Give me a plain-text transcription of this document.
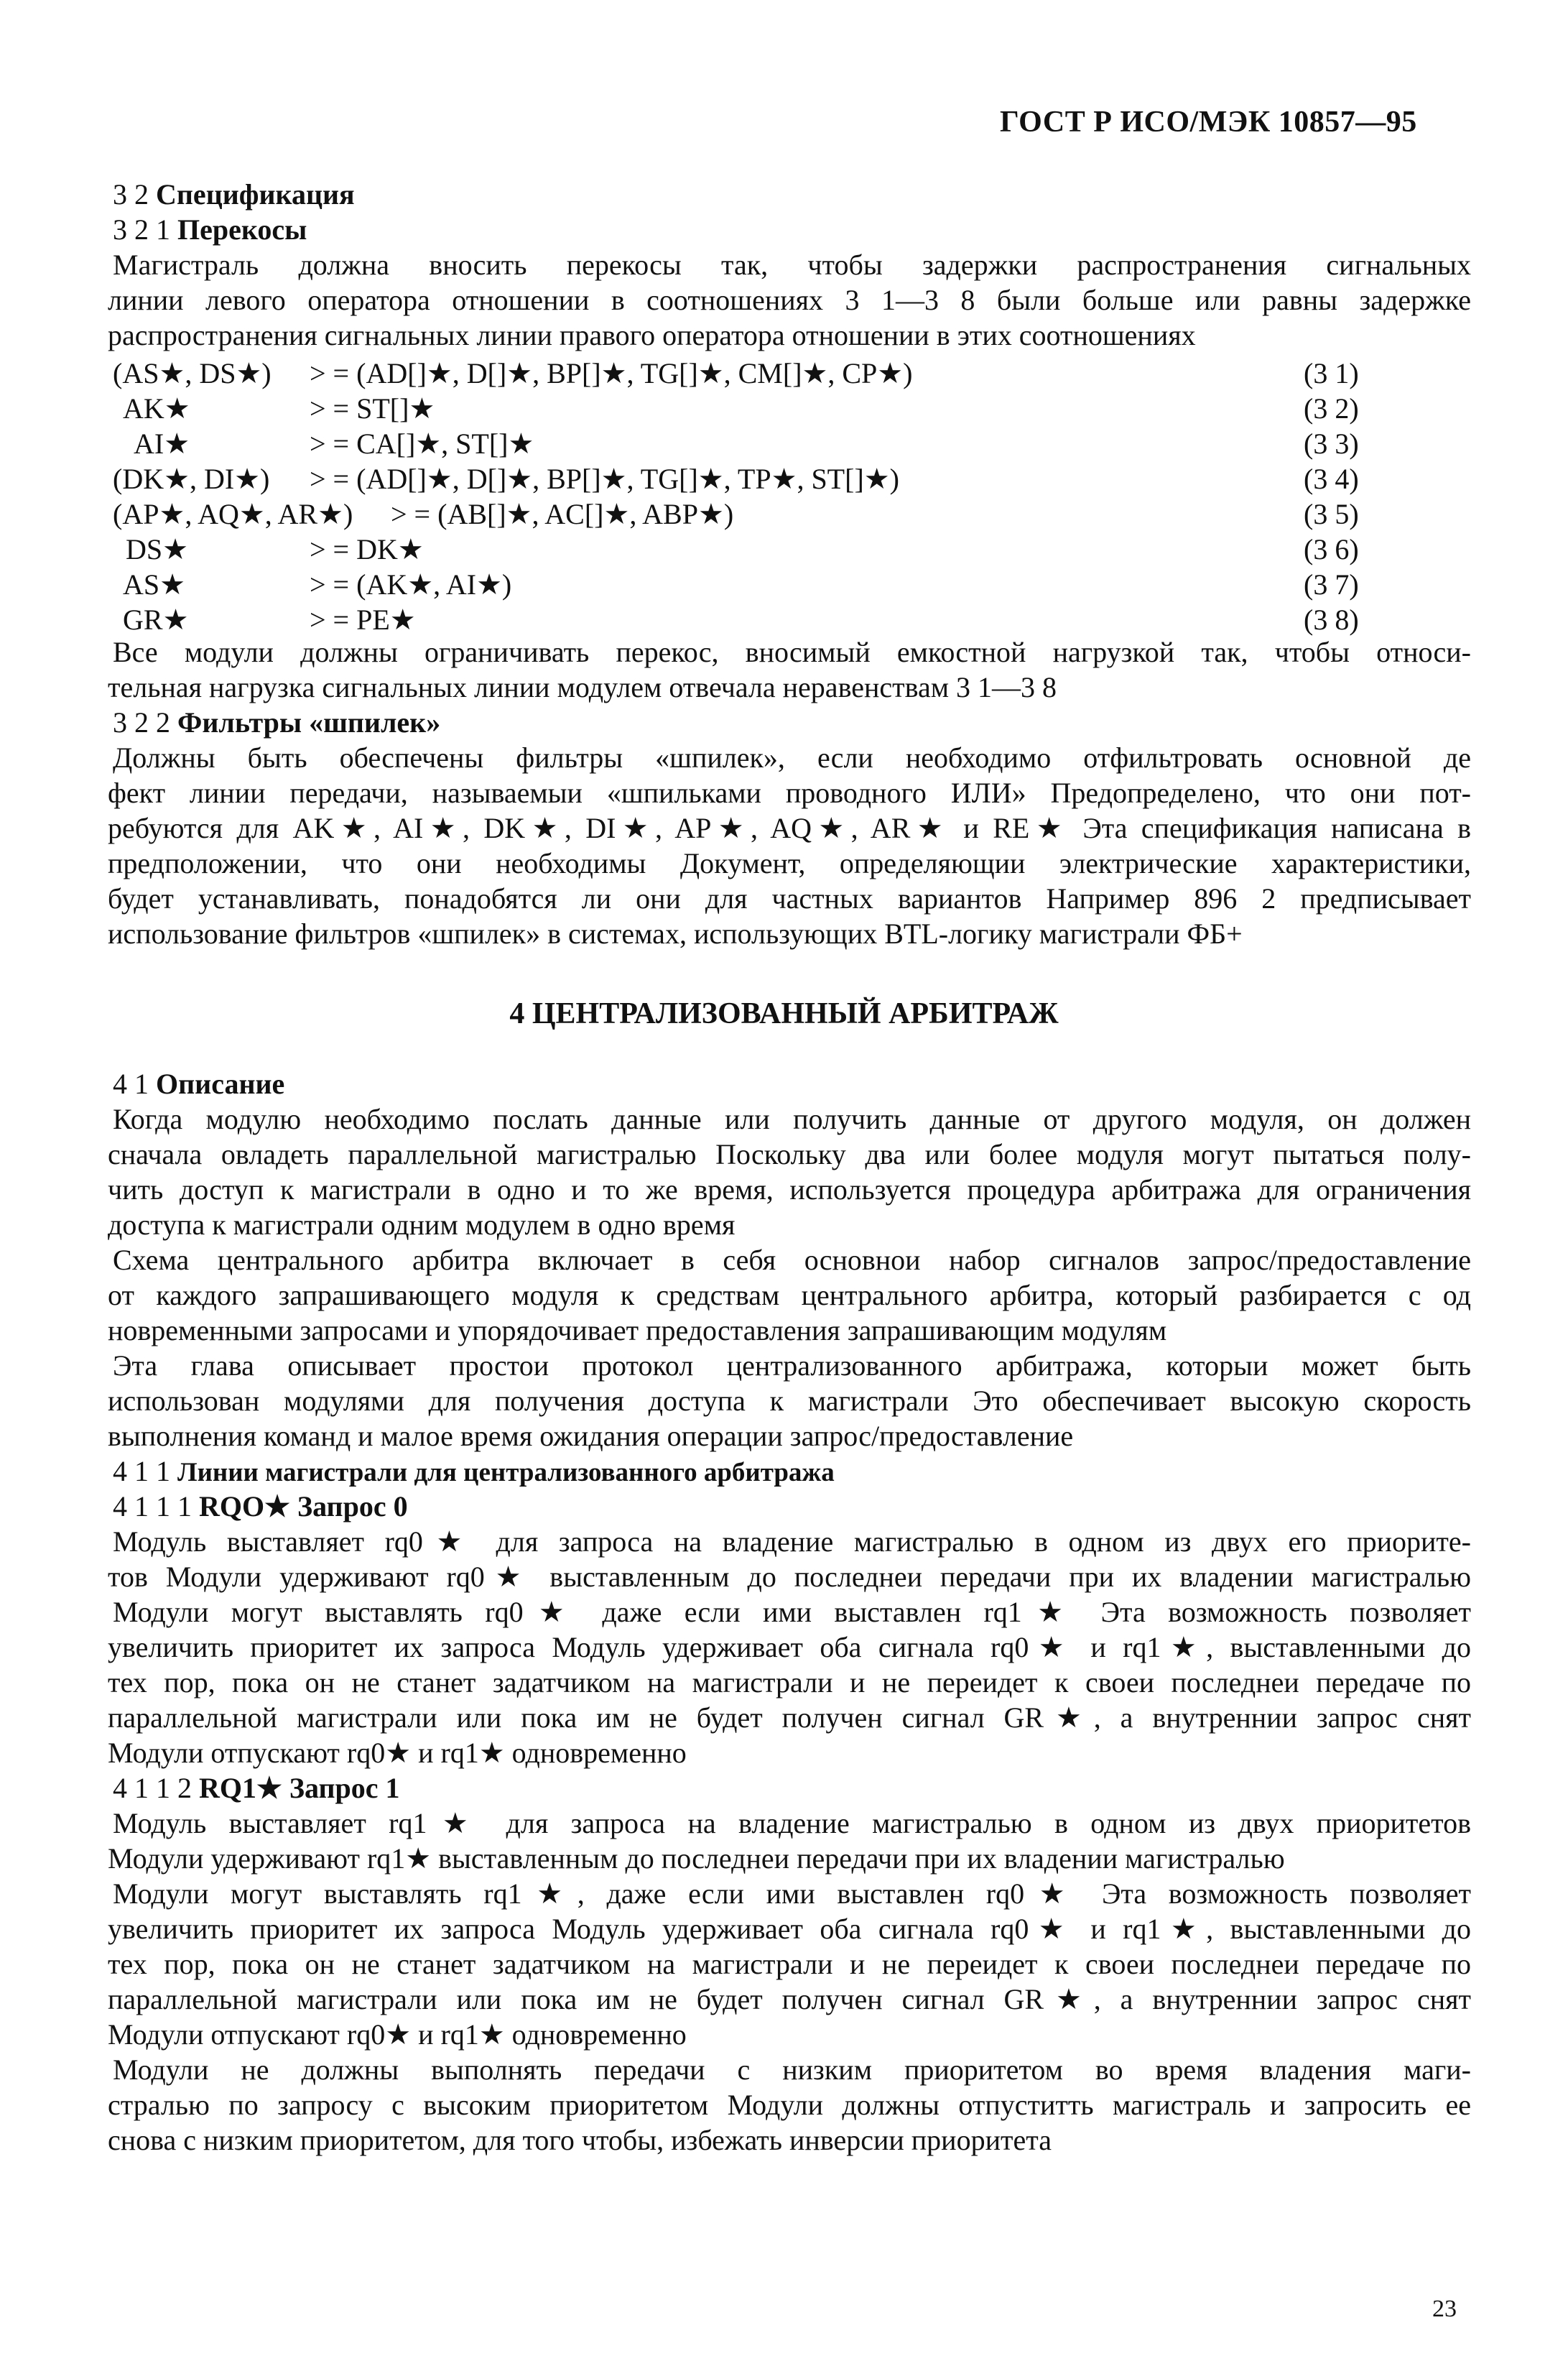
ГОСТ Р ИСО/МЭК 10857—95
3 2 Спецификация
3 2 1 Перекосы
Магистраль должна вносить перекосы так, чтобы задержки распространения сигнальных
линии левого оператора отношении в соотношениях 3 1—3 8 были больше или равны задержке
распространения сигнальных линии правого оператора отношении в этих соотношениях
(AS★, DS★) > = (AD[]★, D[]★, BP[]★, TG[]★, CM[]★, CP★)	(3 1)
AK★	> = ST[]★	(3 2)
AI★	> = CA[]★, ST[]★	(3 3)
(DK★, DI★) > = (AD[]★, D[]★, BP[]★, TG[]★, TP★, ST[]★)	(3 4)
(AP★, AQ★, AR★) > = (AB[]★, AC[]★, ABP★)	(3 5)
DS★	> = DK★	(3 6)
AS★	> = (AK★, AI★)	(3 7)
GR★	> = PE★	(3 8)
Все модули должны ограничивать перекос, вносимый емкостной нагрузкой так, чтобы относи-
тельная нагрузка сигнальных линии модулем отвечала неравенствам 3 1—3 8
3 2 2 Фильтры «шпилек»
Должны быть обеспечены фильтры «шпилек», если необходимо отфильтровать основной де
фект линии передачи, называемыи «шпильками проводного ИЛИ» Предопределено, что они пот-
ребуются для AK★, AI★, DK★, DI★, AP★, AQ★, AR★ и RE★ Эта спецификация написана в
предположении, что они необходимы Документ, определяющии электрические характеристики,
будет устанавливать, понадобятся ли они для частных вариантов Например 896 2 предписывает
использование фильтров «шпилек» в системах, использующих BTL-логику магистрали ФБ+
4 ЦЕНТРАЛИЗОВАННЫЙ АРБИТРАЖ
4 1 Описание
Когда модулю необходимо послать данные или получить данные от другого модуля, он должен
сначала овладеть параллельной магистралью Поскольку два или более модуля могут пытаться полу-
чить доступ к магистрали в одно и то же время, используется процедура арбитража для ограничения
доступа к магистрали одним модулем в одно время
Схема центрального арбитра включает в себя основнои набор сигналов запрос/предоставление
от каждого запрашивающего модуля к средствам центрального арбитра, который разбирается с од
новременными запросами и упорядочивает предоставления запрашивающим модулям
Эта глава описывает простои протокол централизованного арбитража, которыи может быть
использован модулями для получения доступа к магистрали Это обеспечивает высокую скорость
выполнения команд и малое время ожидания операции запрос/предоставление
4 1 1 Линии магистрали для централизованного арбитража
4 1 1 1 RQO★ Запрос 0
Модуль выставляет rq0★ для запроса на владение магистралью в одном из двух его приорите-
тов Модули удерживают rq0★ выставленным до последнеи передачи при их владении магистралью
Модули могут выставлять rq0★ даже если ими выставлен rq1★ Эта возможность позволяет
увеличить приоритет их запроса Модуль удерживает оба сигнала rq0★ и rq1★, выставленными до
тех пор, пока он не станет задатчиком на магистрали и не переидет к своеи последнеи передаче по
параллельной магистрали или пока им не будет получен сигнал GR★, а внутреннии запрос снят
Модули отпускают rq0★ и rq1★ одновременно
4 1 1 2 RQ1★ Запрос 1
Модуль выставляет rq1★ для запроса на владение магистралью в одном из двух приоритетов
Модули удерживают rq1★ выставленным до последнеи передачи при их владении магистралью
Модули могут выставлять rq1★, даже если ими выставлен rq0★ Эта возможность позволяет
увеличить приоритет их запроса Модуль удерживает оба сигнала rq0★ и rq1★, выставленными до
тех пор, пока он не станет задатчиком на магистрали и не переидет к своеи последнеи передаче по
параллельной магистрали или пока им не будет получен сигнал GR★, а внутреннии запрос снят
Модули отпускают rq0★ и rq1★ одновременно
Модули не должны выполнять передачи с низким приоритетом во время владения маги-
стралью по запросу с высоким приоритетом Модули должны отпуститть магистраль и запросить ее
снова с низким приоритетом, для того чтобы, избежать инверсии приоритета
23
